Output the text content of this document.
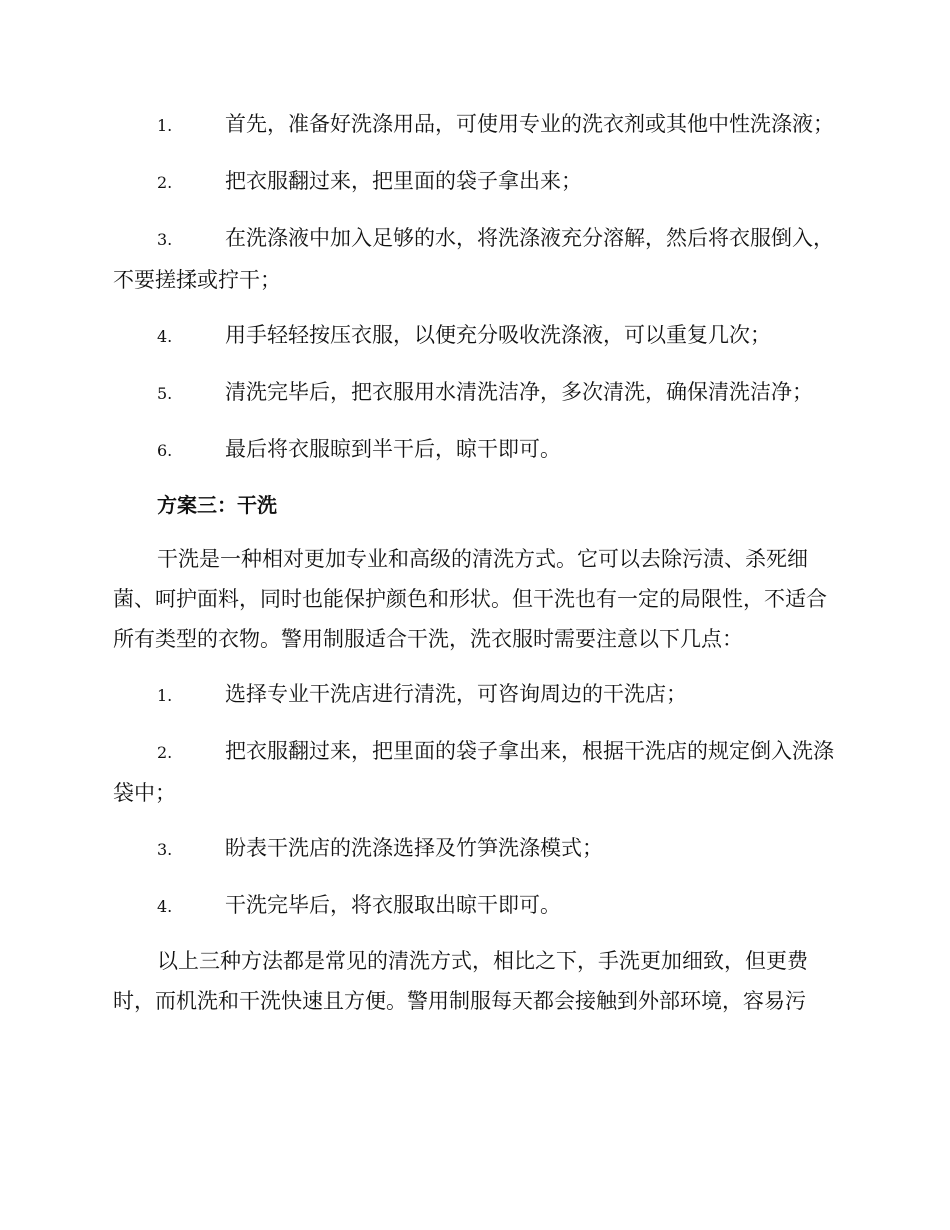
1.	首先，准备好洗涤用品，可使用专业的洗衣剂或其他中性洗涤液；

2.	把衣服翻过来，把里面的袋子拿出来；

3.	在洗涤液中加入足够的水，将洗涤液充分溶解，然后将衣服倒入，不要搓揉或拧干；

4.	用手轻轻按压衣服，以便充分吸收洗涤液，可以重复几次；

5.	清洗完毕后，把衣服用水清洗洁净，多次清洗，确保清洗洁净；

6.	最后将衣服晾到半干后，晾干即可。

方案三：干洗

干洗是一种相对更加专业和高级的清洗方式。它可以去除污渍、杀死细菌、呵护面料，同时也能保护颜色和形状。但干洗也有一定的局限性，不适合所有类型的衣物。警用制服适合干洗，洗衣服时需要注意以下几点：

1.	选择专业干洗店进行清洗，可咨询周边的干洗店；

2.	把衣服翻过来，把里面的袋子拿出来，根据干洗店的规定倒入洗涤袋中；

3.	盼表干洗店的洗涤选择及竹笋洗涤模式；

4.	干洗完毕后，将衣服取出晾干即可。

以上三种方法都是常见的清洗方式，相比之下，手洗更加细致，但更费时，而机洗和干洗快速且方便。警用制服每天都会接触到外部环境，容易污
